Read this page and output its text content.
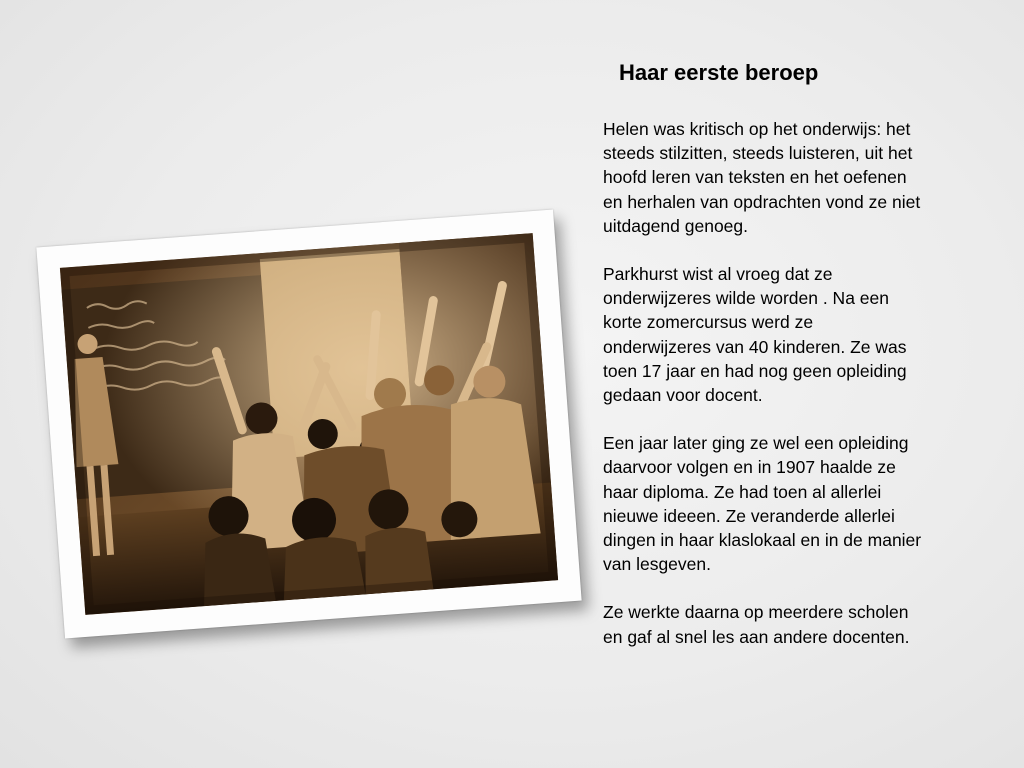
Haar eerste beroep

Helen was kritisch op het onderwijs: het steeds stilzitten, steeds luisteren, uit het hoofd leren van teksten en het oefenen en herhalen van opdrachten vond ze niet uitdagend genoeg.

Parkhurst wist al vroeg dat ze onderwijzeres wilde worden . Na een korte zomercursus werd ze onderwijzeres van 40 kinderen. Ze was toen 17 jaar en had nog geen opleiding gedaan voor docent.

Een jaar later ging ze wel een opleiding daarvoor volgen en in 1907 haalde ze haar diploma. Ze had toen al allerlei nieuwe ideeen. Ze veranderde allerlei dingen in haar klaslokaal en in de manier van lesgeven.

Ze werkte daarna op meerdere scholen en gaf al snel les aan andere docenten.
